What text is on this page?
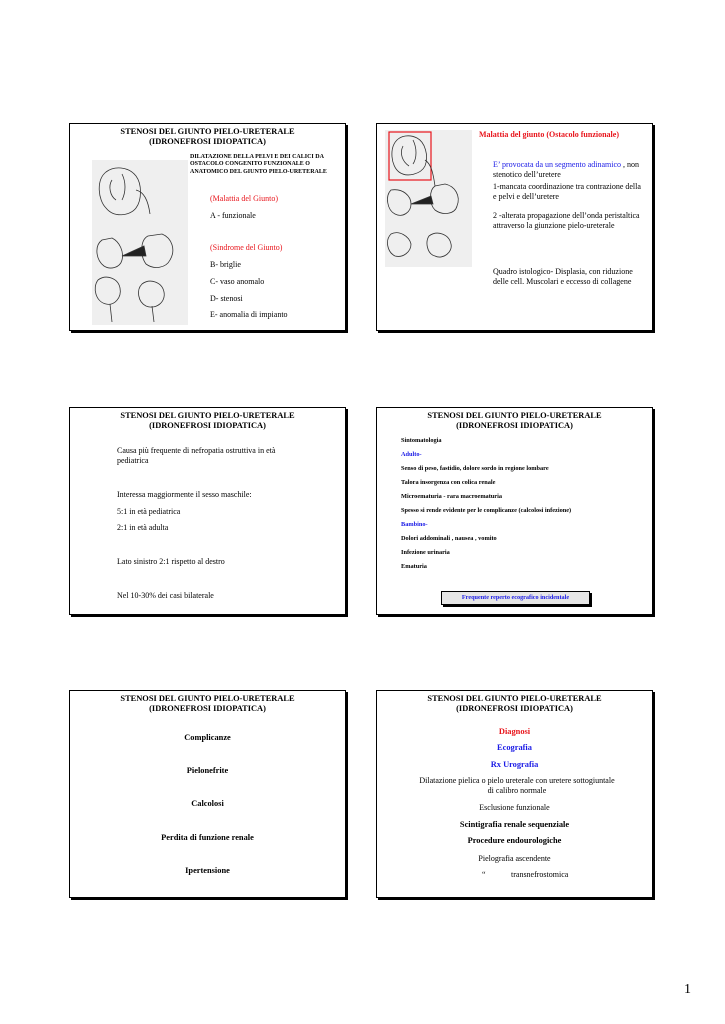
STENOSI DEL GIUNTO PIELO-URETERALE
(IDRONEFROSI IDIOPATICA)
DILATAZIONE DELLA PELVI E DEI CALICI DA OSTACOLO CONGENITO FUNZIONALE O ANATOMICO DEL GIUNTO PIELO-URETERALE
(Malattia del Giunto)
A - funzionale
(Sindrome del Giunto)
B- briglie
C- vaso anomalo
D- stenosi
E- anomalia di impianto
Malattia del giunto (Ostacolo funzionale)
E’ provocata da un segmento adinamico , non stenotico dell’uretere
1-mancata coordinazione tra contrazione della e pelvi e dell’uretere
2 -alterata propagazione dell’onda peristaltica attraverso la giunzione pielo-ureterale
Quadro istologico- Displasia, con riduzione delle cell. Muscolari e eccesso di collagene
STENOSI DEL GIUNTO PIELO-URETERALE
(IDRONEFROSI IDIOPATICA)
Causa più frequente di nefropatia ostruttiva in età pediatrica
Interessa maggiormente il sesso maschile:
5:1 in età pediatrica
2:1 in età adulta
Lato sinistro 2:1 rispetto al destro
Nel 10-30% dei casi bilaterale
STENOSI DEL GIUNTO PIELO-URETERALE
(IDRONEFROSI IDIOPATICA)
Sintomatologia
Adulto-
Senso di peso, fastidio, dolore sordo in regione lombare
Talora insorgenza con colica renale
Microematuria - rara macroematuria
Spesso si rende evidente per le complicanze (calcolosi infezione)
Bambino-
Dolori addominali , nausea , vomito
Infezione urinaria
Ematuria
Frequente reperto ecografico incidentale
STENOSI DEL GIUNTO PIELO-URETERALE
(IDRONEFROSI IDIOPATICA)
Complicanze
Pielonefrite
Calcolosi
Perdita di funzione renale
Ipertensione
STENOSI DEL GIUNTO PIELO-URETERALE
(IDRONEFROSI IDIOPATICA)
Diagnosi
Ecografia
Rx Urografia
Dilatazione pielica o pielo ureterale con uretere sottogiuntale di calibro normale
Esclusione funzionale
Scintigrafia renale sequenziale
Procedure endourologiche
Pielografia ascendente
“	transnefrostomica
1
